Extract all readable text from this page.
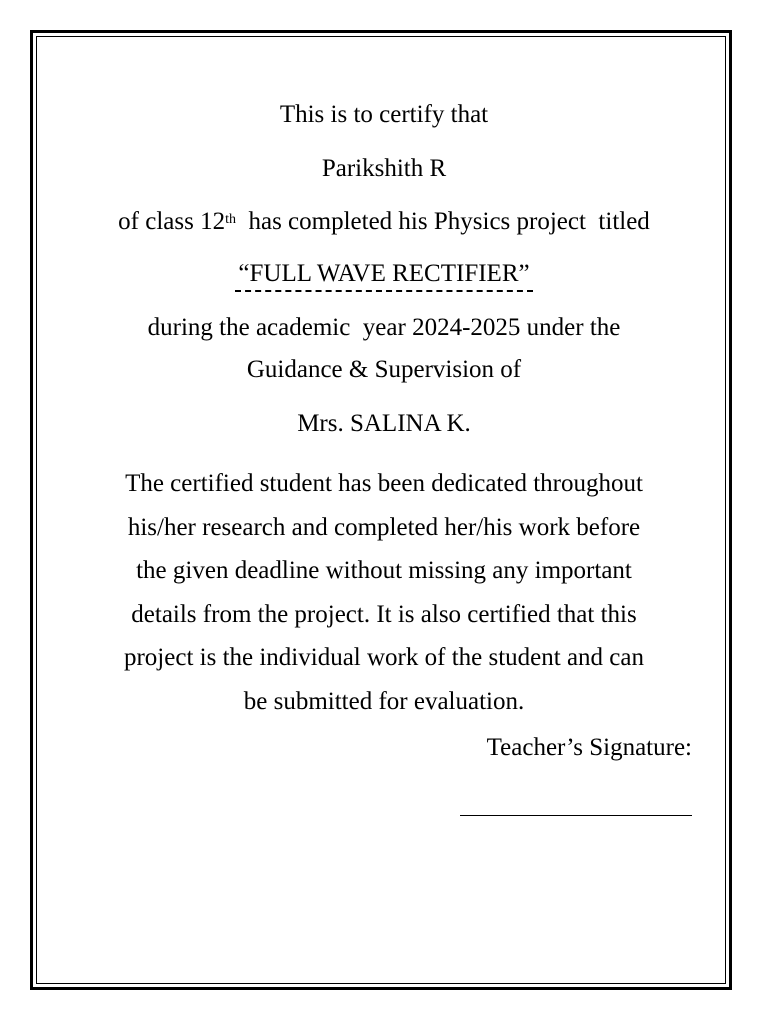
This is to certify that
Parikshith R
of class 12th  has completed his Physics project  titled
“FULL WAVE RECTIFIER”
during the academic  year 2024-2025 under the
Guidance & Supervision of
Mrs. SALINA K.
The certified student has been dedicated throughout
his/her research and completed her/his work before
the given deadline without missing any important
details from the project. It is also certified that this
project is the individual work of the student and can
be submitted for evaluation.
Teacher’s Signature:
